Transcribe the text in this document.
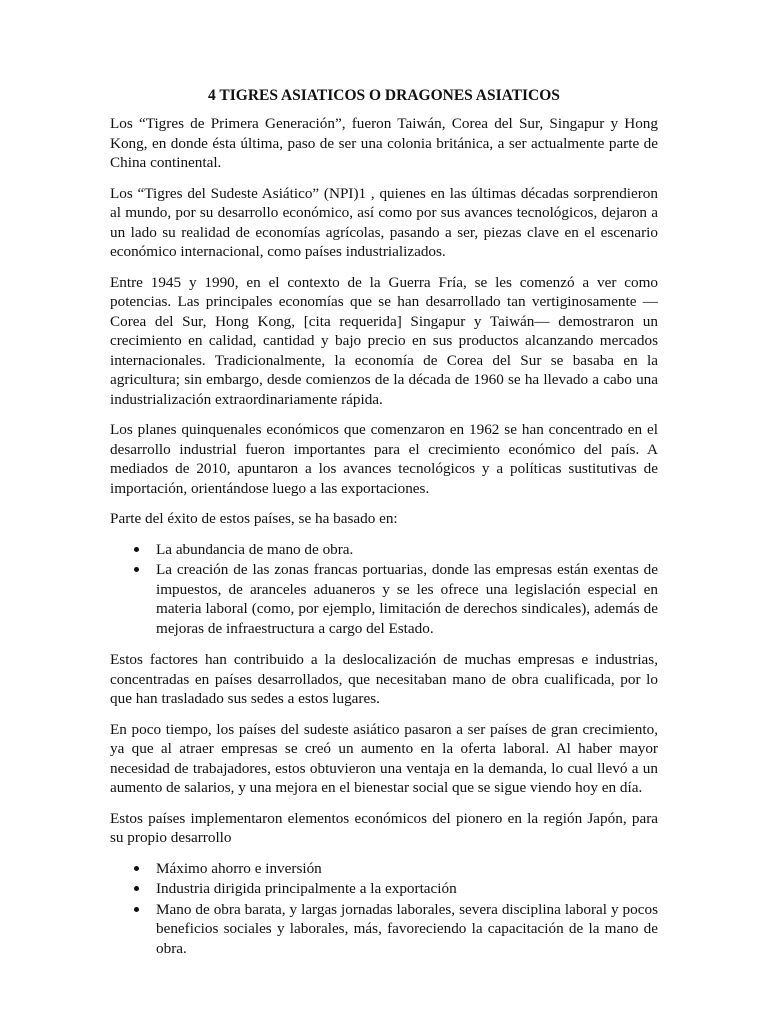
4 TIGRES ASIATICOS O DRAGONES ASIATICOS

Los “Tigres de Primera Generación”, fueron Taiwán, Corea del Sur, Singapur y Hong Kong, en donde ésta última, paso de ser una colonia británica, a ser actualmente parte de China continental.

Los “Tigres del Sudeste Asiático” (NPI)1 , quienes en las últimas décadas sorprendieron al mundo, por su desarrollo económico, así como por sus avances tecnológicos, dejaron a un lado su realidad de economías agrícolas, pasando a ser, piezas clave en el escenario económico internacional, como países industrializados.

Entre 1945 y 1990, en el contexto de la Guerra Fría, se les comenzó a ver como potencias. Las principales economías que se han desarrollado tan vertiginosamente —Corea del Sur, Hong Kong, [cita requerida] Singapur y Taiwán— demostraron un crecimiento en calidad, cantidad y bajo precio en sus productos alcanzando mercados internacionales. Tradicionalmente, la economía de Corea del Sur se basaba en la agricultura; sin embargo, desde comienzos de la década de 1960 se ha llevado a cabo una industrialización extraordinariamente rápida.

Los planes quinquenales económicos que comenzaron en 1962 se han concentrado en el desarrollo industrial fueron importantes para el crecimiento económico del país. A mediados de 2010, apuntaron a los avances tecnológicos y a políticas sustitutivas de importación, orientándose luego a las exportaciones.

Parte del éxito de estos países, se ha basado en:

La abundancia de mano de obra.
La creación de las zonas francas portuarias, donde las empresas están exentas de impuestos, de aranceles aduaneros y se les ofrece una legislación especial en materia laboral (como, por ejemplo, limitación de derechos sindicales), además de mejoras de infraestructura a cargo del Estado.

Estos factores han contribuido a la deslocalización de muchas empresas e industrias, concentradas en países desarrollados, que necesitaban mano de obra cualificada, por lo que han trasladado sus sedes a estos lugares.

En poco tiempo, los países del sudeste asiático pasaron a ser países de gran crecimiento, ya que al atraer empresas se creó un aumento en la oferta laboral. Al haber mayor necesidad de trabajadores, estos obtuvieron una ventaja en la demanda, lo cual llevó a un aumento de salarios, y una mejora en el bienestar social que se sigue viendo hoy en día.

Estos países implementaron elementos económicos del pionero en la región Japón, para su propio desarrollo

Máximo ahorro e inversión
Industria dirigida principalmente a la exportación
Mano de obra barata, y largas jornadas laborales, severa disciplina laboral y pocos beneficios sociales y laborales, más, favoreciendo la capacitación de la mano de obra.
